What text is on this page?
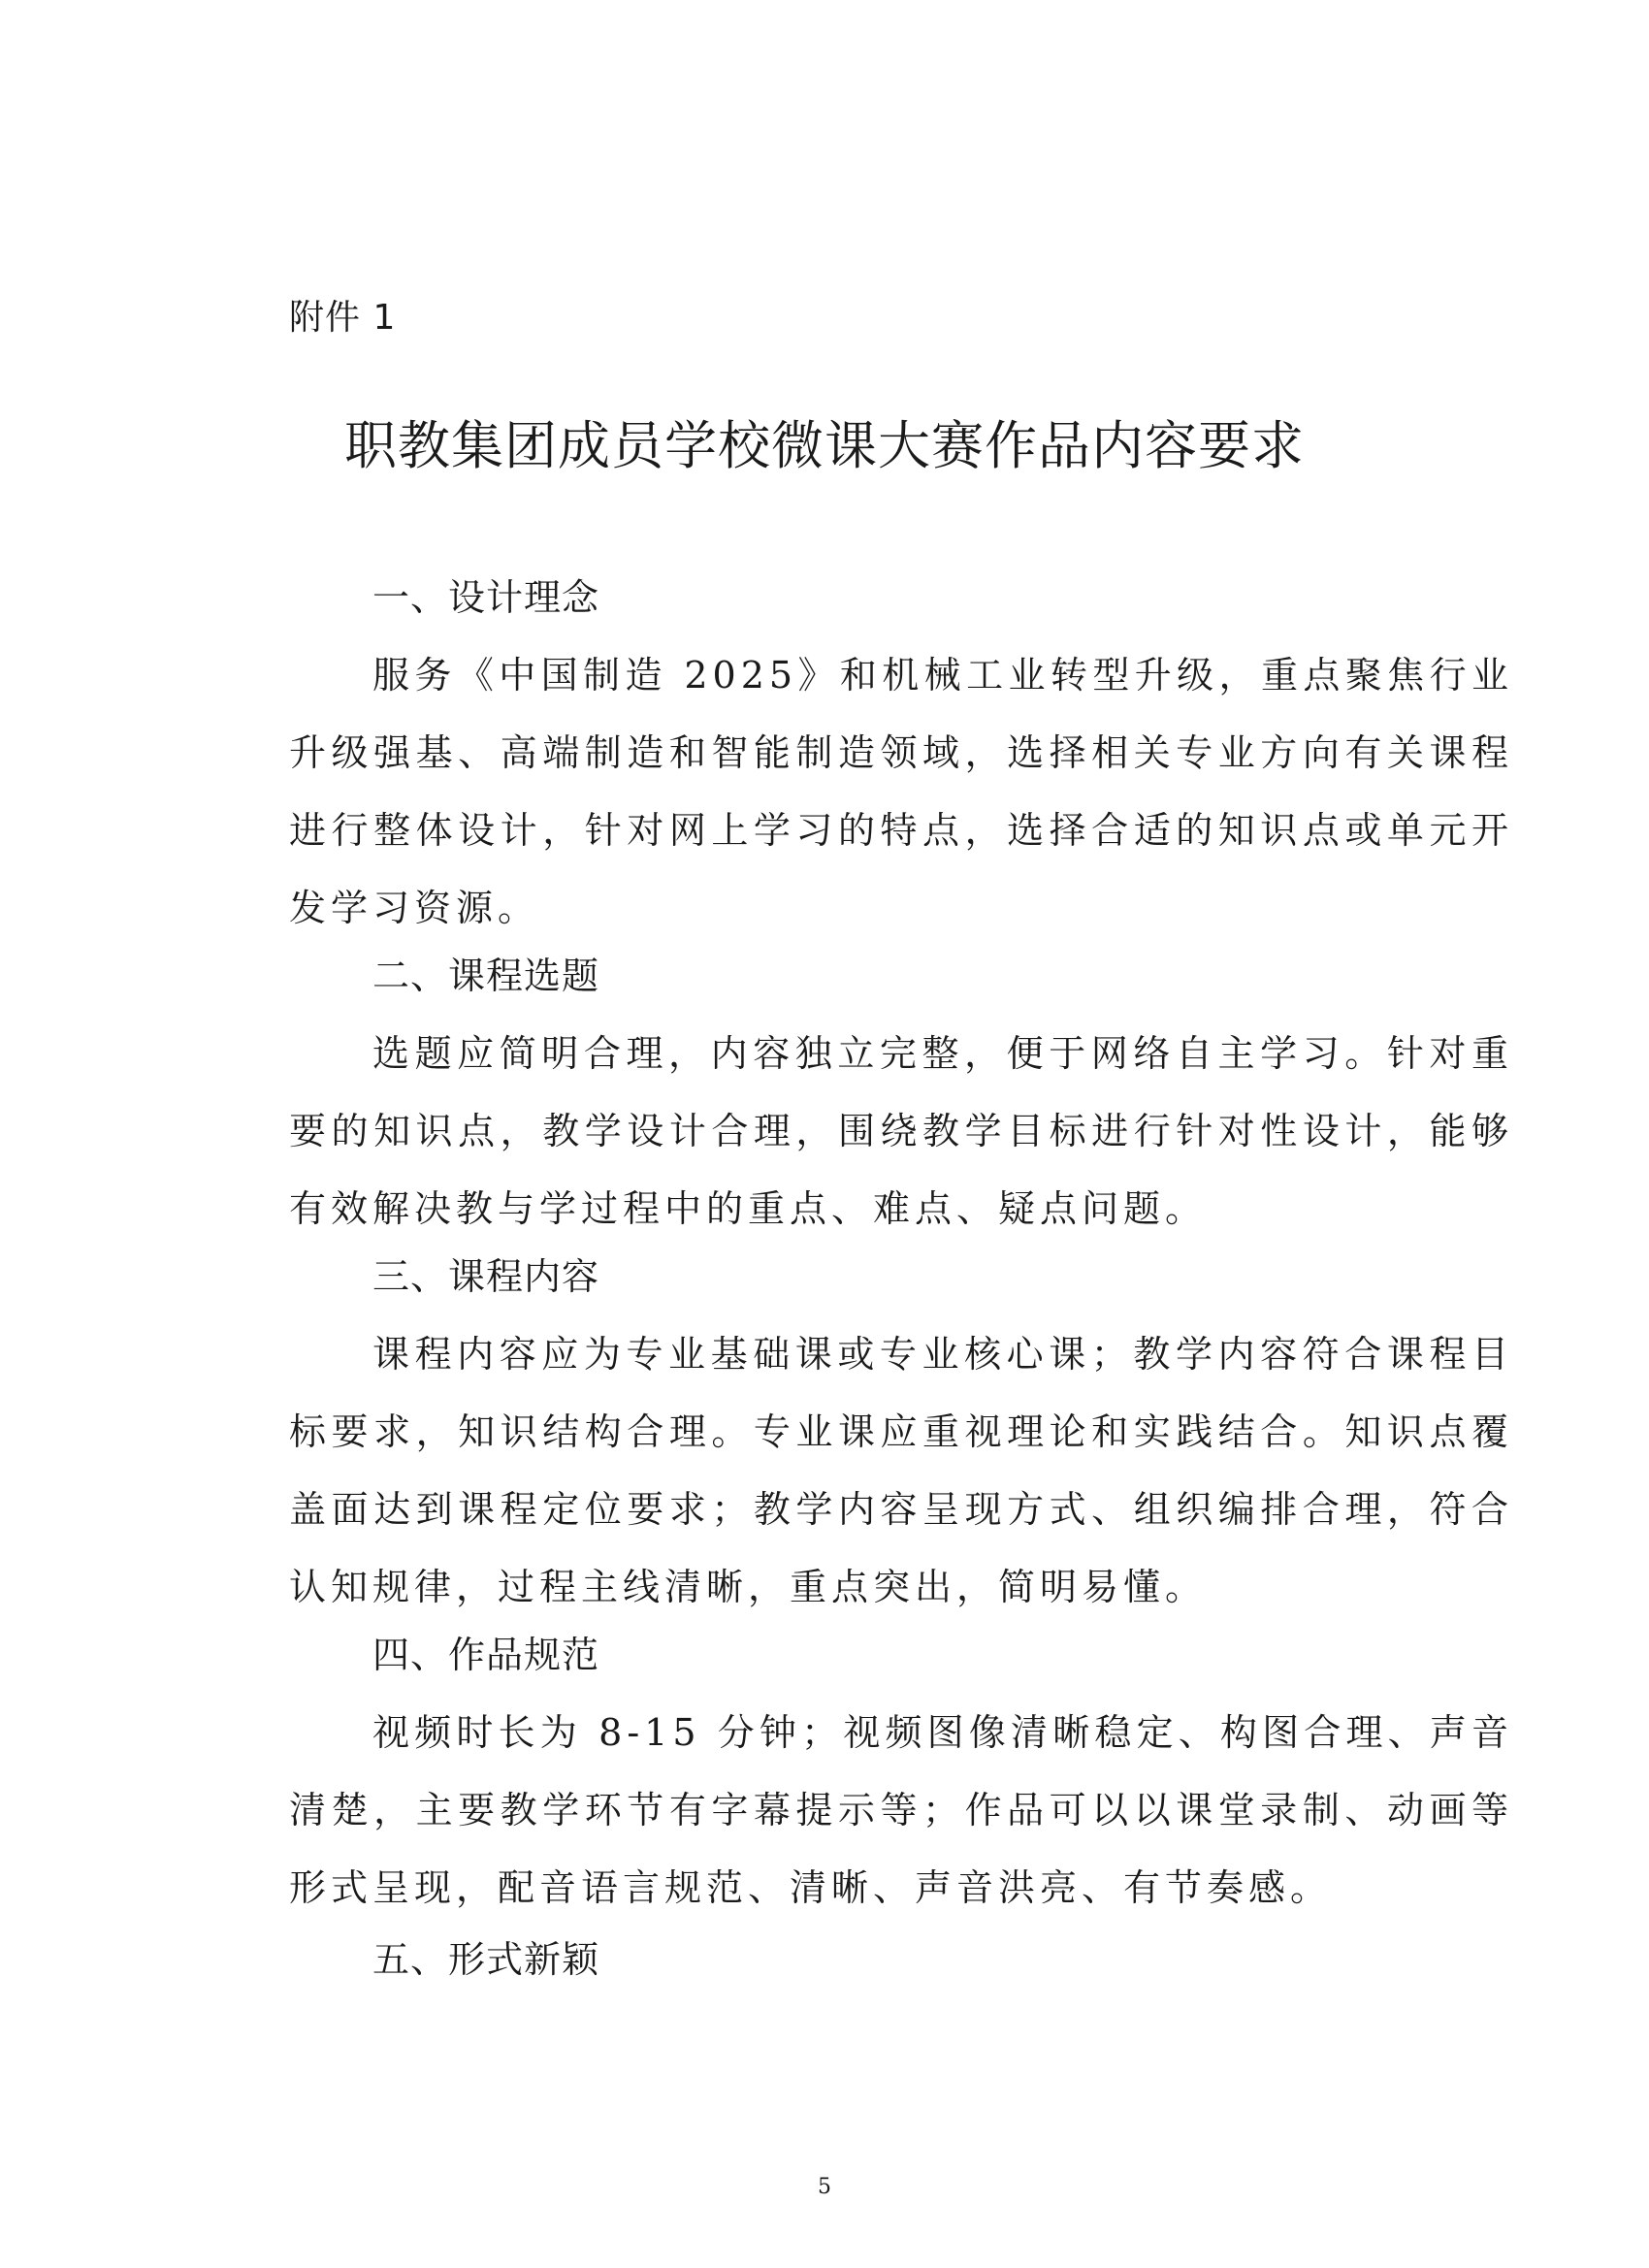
附件 1
职教集团成员学校微课大赛作品内容要求
一、设计理念
服务《中国制造 2025》和机械工业转型升级，重点聚焦行业升级强基、高端制造和智能制造领域，选择相关专业方向有关课程进行整体设计，针对网上学习的特点，选择合适的知识点或单元开发学习资源。
二、课程选题
选题应简明合理，内容独立完整，便于网络自主学习。针对重要的知识点，教学设计合理，围绕教学目标进行针对性设计，能够有效解决教与学过程中的重点、难点、疑点问题。
三、课程内容
课程内容应为专业基础课或专业核心课；教学内容符合课程目标要求，知识结构合理。专业课应重视理论和实践结合。知识点覆盖面达到课程定位要求；教学内容呈现方式、组织编排合理，符合认知规律，过程主线清晰，重点突出，简明易懂。
四、作品规范
视频时长为 8-15 分钟；视频图像清晰稳定、构图合理、声音清楚，主要教学环节有字幕提示等；作品可以以课堂录制、动画等形式呈现，配音语言规范、清晰、声音洪亮、有节奏感。
五、形式新颖
5
